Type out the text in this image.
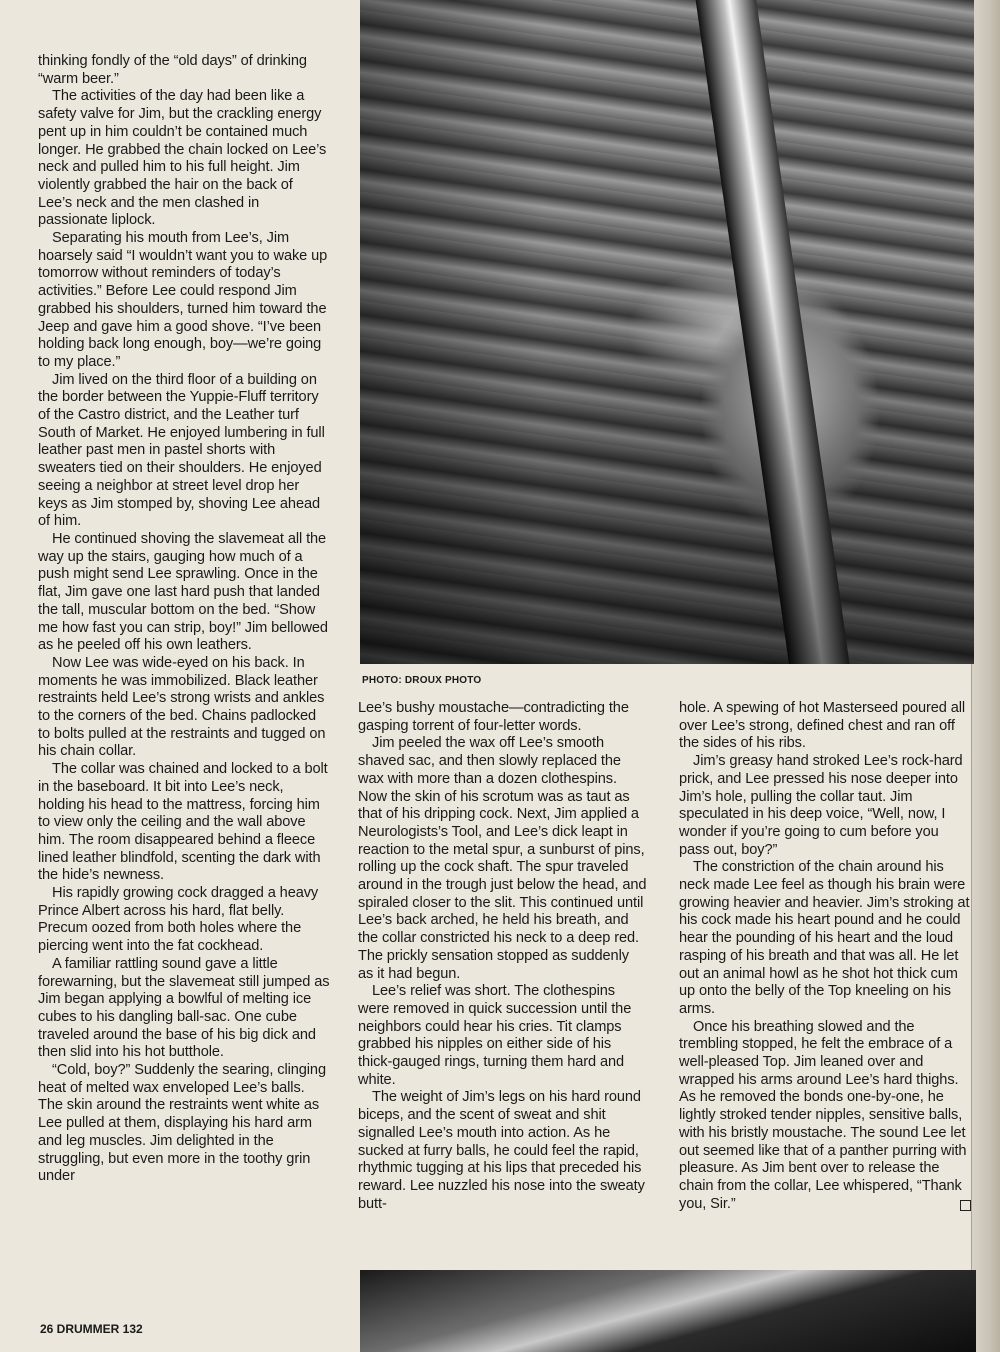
PHOTO: DROUX PHOTO

thinking fondly of the “old days” of drinking “warm beer.”

The activities of the day had been like a safety valve for Jim, but the crackling energy pent up in him couldn’t be contained much longer. He grabbed the chain locked on Lee’s neck and pulled him to his full height. Jim violently grabbed the hair on the back of Lee’s neck and the men clashed in passionate liplock.

Separating his mouth from Lee’s, Jim hoarsely said “I wouldn’t want you to wake up tomorrow without reminders of today’s activities.” Before Lee could respond Jim grabbed his shoulders, turned him toward the Jeep and gave him a good shove. “I’ve been holding back long enough, boy—we’re going to my place.”

Jim lived on the third floor of a building on the border between the Yuppie-Fluff territory of the Castro district, and the Leather turf South of Market. He enjoyed lumbering in full leather past men in pastel shorts with sweaters tied on their shoulders. He enjoyed seeing a neighbor at street level drop her keys as Jim stomped by, shoving Lee ahead of him.

He continued shoving the slavemeat all the way up the stairs, gauging how much of a push might send Lee sprawling. Once in the flat, Jim gave one last hard push that landed the tall, muscular bottom on the bed. “Show me how fast you can strip, boy!” Jim bellowed as he peeled off his own leathers.

Now Lee was wide-eyed on his back. In moments he was immobilized. Black leather restraints held Lee’s strong wrists and ankles to the corners of the bed. Chains padlocked to bolts pulled at the restraints and tugged on his chain collar.

The collar was chained and locked to a bolt in the baseboard. It bit into Lee’s neck, holding his head to the mattress, forcing him to view only the ceiling and the wall above him. The room disappeared behind a fleece lined leather blindfold, scenting the dark with the hide’s newness.

His rapidly growing cock dragged a heavy Prince Albert across his hard, flat belly. Precum oozed from both holes where the piercing went into the fat cockhead.

A familiar rattling sound gave a little forewarning, but the slavemeat still jumped as Jim began applying a bowlful of melting ice cubes to his dangling ball-sac. One cube traveled around the base of his big dick and then slid into his hot butthole.

“Cold, boy?” Suddenly the searing, clinging heat of melted wax enveloped Lee’s balls. The skin around the restraints went white as Lee pulled at them, displaying his hard arm and leg muscles. Jim delighted in the struggling, but even more in the toothy grin under

Lee’s bushy moustache—contradicting the gasping torrent of four-letter words.

Jim peeled the wax off Lee’s smooth shaved sac, and then slowly replaced the wax with more than a dozen clothespins. Now the skin of his scrotum was as taut as that of his dripping cock. Next, Jim applied a Neurologists’s Tool, and Lee’s dick leapt in reaction to the metal spur, a sunburst of pins, rolling up the cock shaft. The spur traveled around in the trough just below the head, and spiraled closer to the slit. This continued until Lee’s back arched, he held his breath, and the collar constricted his neck to a deep red. The prickly sensation stopped as suddenly as it had begun.

Lee’s relief was short. The clothespins were removed in quick succession until the neighbors could hear his cries. Tit clamps grabbed his nipples on either side of his thick-gauged rings, turning them hard and white.

The weight of Jim’s legs on his hard round biceps, and the scent of sweat and shit signalled Lee’s mouth into action. As he sucked at furry balls, he could feel the rapid, rhythmic tugging at his lips that preceded his reward. Lee nuzzled his nose into the sweaty butt-

hole. A spewing of hot Masterseed poured all over Lee’s strong, defined chest and ran off the sides of his ribs.

Jim’s greasy hand stroked Lee’s rock-hard prick, and Lee pressed his nose deeper into Jim’s hole, pulling the collar taut. Jim speculated in his deep voice, “Well, now, I wonder if you’re going to cum before you pass out, boy?”

The constriction of the chain around his neck made Lee feel as though his brain were growing heavier and heavier. Jim’s stroking at his cock made his heart pound and he could hear the pounding of his heart and the loud rasping of his breath and that was all. He let out an animal howl as he shot hot thick cum up onto the belly of the Top kneeling on his arms.

Once his breathing slowed and the trembling stopped, he felt the embrace of a well-pleased Top. Jim leaned over and wrapped his arms around Lee’s hard thighs. As he removed the bonds one-by-one, he lightly stroked tender nipples, sensitive balls, with his bristly moustache. The sound Lee let out seemed like that of a panther purring with pleasure. As Jim bent over to release the chain from the collar, Lee whispered, “Thank you, Sir.”

26 DRUMMER 132
